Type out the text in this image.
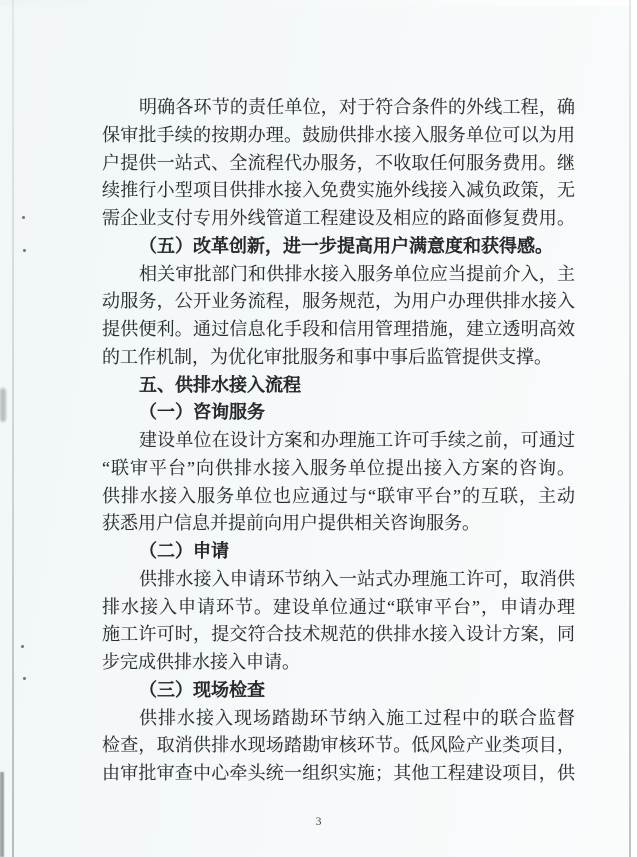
明确各环节的责任单位，对于符合条件的外线工程，确
保审批手续的按期办理。鼓励供排水接入服务单位可以为用
户提供一站式、全流程代办服务，不收取任何服务费用。继
续推行小型项目供排水接入免费实施外线接入减负政策，无
需企业支付专用外线管道工程建设及相应的路面修复费用。
（五）改革创新，进一步提高用户满意度和获得感。
相关审批部门和供排水接入服务单位应当提前介入，主
动服务，公开业务流程，服务规范，为用户办理供排水接入
提供便利。通过信息化手段和信用管理措施，建立透明高效
的工作机制，为优化审批服务和事中事后监管提供支撑。
五、供排水接入流程
（一）咨询服务
建设单位在设计方案和办理施工许可手续之前，可通过
“联审平台”向供排水接入服务单位提出接入方案的咨询。
供排水接入服务单位也应通过与“联审平台”的互联，主动
获悉用户信息并提前向用户提供相关咨询服务。
（二）申请
供排水接入申请环节纳入一站式办理施工许可，取消供
排水接入申请环节。建设单位通过“联审平台”，申请办理
施工许可时，提交符合技术规范的供排水接入设计方案，同
步完成供排水接入申请。
（三）现场检查
供排水接入现场踏勘环节纳入施工过程中的联合监督
检查，取消供排水现场踏勘审核环节。低风险产业类项目，
由审批审查中心牵头统一组织实施；其他工程建设项目，供
3
